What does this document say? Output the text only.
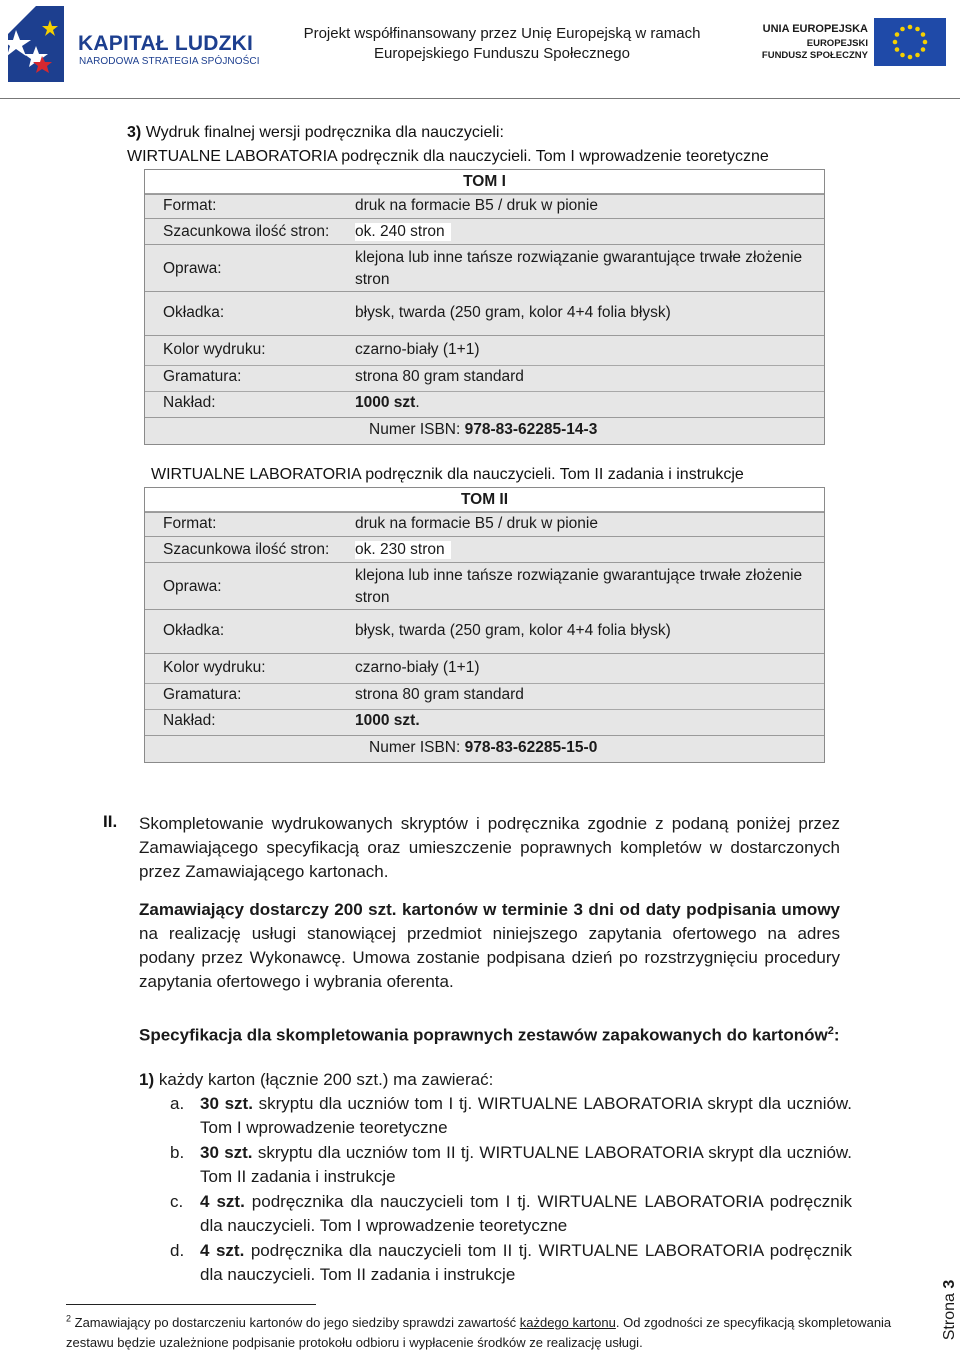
KAPITAŁ LUDZKI
NARODOWA STRATEGIA SPÓJNOŚCI
Projekt współfinansowany przez Unię Europejską w ramach
Europejskiego Funduszu Społecznego
UNIA EUROPEJSKA
EUROPEJSKI
FUNDUSZ SPOŁECZNY
3) Wydruk finalnej wersji podręcznika dla nauczycieli:
WIRTUALNE LABORATORIA podręcznik dla nauczycieli. Tom I wprowadzenie teoretyczne
TOM I
Format:	druk na formacie B5 / druk w pionie
Szacunkowa ilość stron: ok. 240 stron
Oprawa:
klejona lub inne tańsze rozwiązanie gwarantujące trwałe złożenie stron
Okładka:	błysk, twarda (250 gram, kolor 4+4 folia błysk)
Kolor wydruku:	czarno-biały (1+1)
Gramatura:	strona 80 gram standard
Nakład:	1000 szt.
Numer ISBN: 978-83-62285-14-3
WIRTUALNE LABORATORIA podręcznik dla nauczycieli. Tom II zadania i instrukcje
TOM II
Format:	druk na formacie B5 / druk w pionie
Szacunkowa ilość stron: ok. 230 stron
Oprawa:
klejona lub inne tańsze rozwiązanie gwarantujące trwałe złożenie stron
Okładka:	błysk, twarda (250 gram, kolor 4+4 folia błysk)
Kolor wydruku:	czarno-biały (1+1)
Gramatura:	strona 80 gram standard
Nakład:	1000 szt.
Numer ISBN: 978-83-62285-15-0
II. Skompletowanie wydrukowanych skryptów i podręcznika zgodnie z podaną poniżej przez Zamawiającego specyfikacją oraz umieszczenie poprawnych kompletów w dostarczonych przez Zamawiającego kartonach.
Zamawiający dostarczy 200 szt. kartonów w terminie 3 dni od daty podpisania umowy na realizację usługi stanowiącej przedmiot niniejszego zapytania ofertowego na adres podany przez Wykonawcę. Umowa zostanie podpisana dzień po rozstrzygnięciu procedury zapytania ofertowego i wybrania oferenta.
Specyfikacja dla skompletowania poprawnych zestawów zapakowanych do kartonów$^2$:
1) każdy karton (łącznie 200 szt.) ma zawierać:
a. 30 szt. skryptu dla uczniów tom I tj. WIRTUALNE LABORATORIA skrypt dla uczniów. Tom I wprowadzenie teoretyczne
b. 30 szt. skryptu dla uczniów tom II tj. WIRTUALNE LABORATORIA skrypt dla uczniów. Tom II zadania i instrukcje
c. 4 szt. podręcznika dla nauczycieli tom I tj. WIRTUALNE LABORATORIA podręcznik dla nauczycieli. Tom I wprowadzenie teoretyczne
d. 4 szt. podręcznika dla nauczycieli tom II tj. WIRTUALNE LABORATORIA podręcznik dla nauczycieli. Tom II zadania i instrukcje
$^2$ Zamawiający po dostarczeniu kartonów do jego siedziby sprawdzi zawartość każdego kartonu. Od zgodności ze specyfikacją skompletowania zestawu będzie uzależnione podpisanie protokołu odbioru i wypłacenie środków ze realizację usługi.
Strona 3
